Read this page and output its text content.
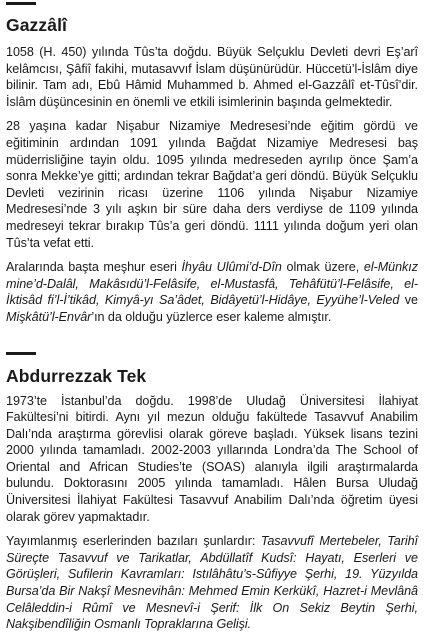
Gazzâlî

1058 (H. 450) yılında Tûs’ta doğdu. Büyük Selçuklu Devleti devri Eş’arî kelâmcısı, Şâfiî fakihi, mutasavvıf İslam düşünürüdür. Hüccetü’l-İslâm diye bilinir. Tam adı, Ebû Hâmid Muhammed b. Ahmed el-Gazzâlî et-Tûsî’dir. İslâm düşüncesinin en önemli ve etkili isimlerinin başında gelmektedir.

28 yaşına kadar Nişabur Nizamiye Medresesi’nde eğitim gördü ve eğitiminin ardından 1091 yılında Bağdat Nizamiye Medresesi baş müderrisliğine tayin oldu. 1095 yılında medreseden ayrılıp önce Şam’a sonra Mekke’ye gitti; ardından tekrar Bağdat’a geri döndü. Büyük Selçuklu Devleti vezirinin ricası üzerine 1106 yılında Nişabur Nizamiye Medresesi’nde 3 yılı aşkın bir süre daha ders verdiyse de 1109 yılında medreseyi tekrar bırakıp Tûs’a geri döndü. 1111 yılında doğum yeri olan Tûs’ta vefat etti.

Aralarında başta meşhur eseri İhyâu Ulûmi’d-Dîn olmak üzere, el-Münkız mine’d-Dalâl, Makâsıdü’l-Felâsife, el-Mustasfâ, Tehâfütü’l-Felâsife, el-İktisâd fi’l-İ’tikâd, Kimyâ-yı Sa’âdet, Bidâyetü’l-Hidâye, Eyyühe’l-Veled ve Mişkâtü’l-Envâr’ın da olduğu yüzlerce eser kaleme almıştır.

Abdurrezzak Tek

1973’te İstanbul’da doğdu. 1998’de Uludağ Üniversitesi İlahiyat Fakültesi’ni bitirdi. Aynı yıl mezun olduğu fakültede Tasavvuf Anabilim Dalı’nda araştırma görevlisi olarak göreve başladı. Yüksek lisans tezini 2000 yılında tamamladı. 2002-2003 yıllarında Londra’da The School of Oriental and African Studies’te (SOAS) alanıyla ilgili araştırmalarda bulundu. Doktorasını 2005 yılında tamamladı. Hâlen Bursa Uludağ Üniversitesi İlahiyat Fakültesi Tasavvuf Anabilim Dalı’nda öğretim üyesi olarak görev yapmaktadır.

Yayımlanmış eserlerinden bazıları şunlardır: Tasavvufî Mertebeler, Tarihî Süreçte Tasavvuf ve Tarikatlar, Abdüllatîf Kudsî: Hayatı, Eserleri ve Görüşleri, Sufilerin Kavramları: Istılâhâtu’s-Sûfiyye Şerhi, 19. Yüzyılda Bursa’da Bir Nakşî Mesnevihân: Mehmed Emin Kerkükî, Hazret-i Mevlânâ Celâleddin-i Rûmî ve Mesnevî-i Şerif: İlk On Sekiz Beytin Şerhi, Nakşibendîliğin Osmanlı Topraklarına Gelişi.
